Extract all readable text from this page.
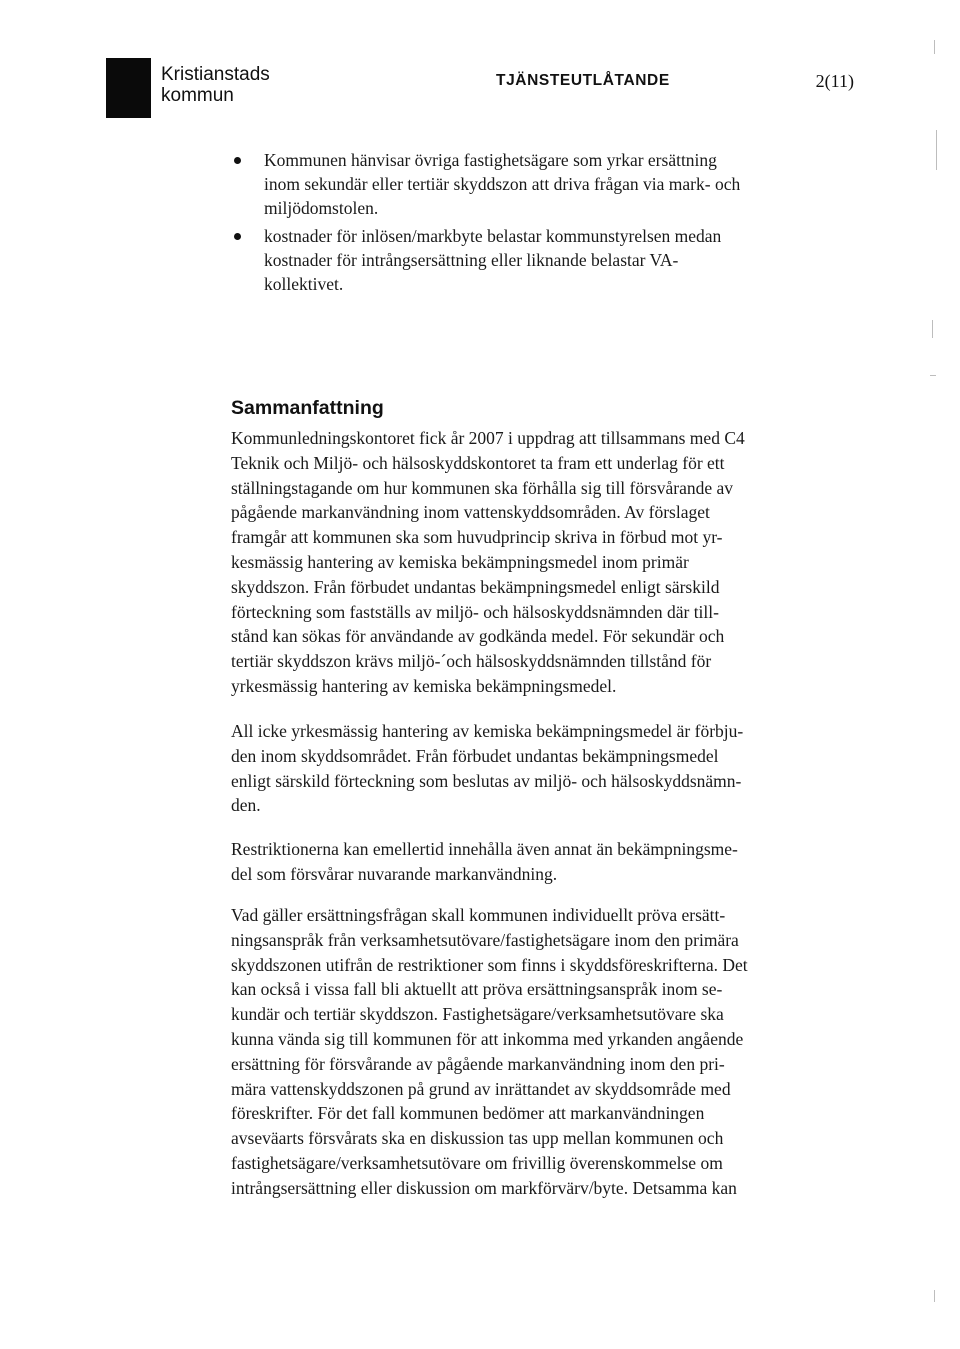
Kristianstads
kommun
TJÄNSTEUTLÅTANDE	2(11)
Kommunen hänvisar övriga fastighetsägare som yrkar ersättning
inom sekundär eller tertiär skyddszon att driva frågan via mark- och
miljödomstolen.
kostnader för inlösen/markbyte belastar kommunstyrelsen medan
kostnader för intrångsersättning eller liknande belastar VA-
kollektivet.
Sammanfattning
Kommunledningskontoret fick år 2007 i uppdrag att tillsammans med C4
Teknik och Miljö- och hälsoskyddskontoret ta fram ett underlag för ett
ställningstagande om hur kommunen ska förhålla sig till försvårande av
pågående markanvändning inom vattenskyddsområden. Av förslaget
framgår att kommunen ska som huvudprincip skriva in förbud mot yr-
kesmässig hantering av kemiska bekämpningsmedel inom primär
skyddszon. Från förbudet undantas bekämpningsmedel enligt särskild
förteckning som fastställs av miljö- och hälsoskyddsnämnden där till-
stånd kan sökas för användande av godkända medel. För sekundär och
tertiär skyddszon krävs miljö-´och hälsoskyddsnämnden tillstånd för
yrkesmässig hantering av kemiska bekämpningsmedel.
All icke yrkesmässig hantering av kemiska bekämpningsmedel är förbju-
den inom skyddsområdet. Från förbudet undantas bekämpningsmedel
enligt särskild förteckning som beslutas av miljö- och hälsoskyddsnämn-
den.
Restriktionerna kan emellertid innehålla även annat än bekämpningsme-
del som försvårar nuvarande markanvändning.
Vad gäller ersättningsfrågan skall kommunen individuellt pröva ersätt-
ningsanspråk från verksamhetsutövare/fastighetsägare inom den primära
skyddszonen utifrån de restriktioner som finns i skyddsföreskrifterna. Det
kan också i vissa fall bli aktuellt att pröva ersättningsanspråk inom se-
kundär och tertiär skyddszon. Fastighetsägare/verksamhetsutövare ska
kunna vända sig till kommunen för att inkomma med yrkanden angående
ersättning för försvårande av pågående markanvändning inom den pri-
mära vattenskyddszonen på grund av inrättandet av skyddsområde med
föreskrifter. För det fall kommunen bedömer att markanvändningen
avseväarts försvårats ska en diskussion tas upp mellan kommunen och
fastighetsägare/verksamhetsutövare om frivillig överenskommelse om
intrångsersättning eller diskussion om markförvärv/byte. Detsamma kan
